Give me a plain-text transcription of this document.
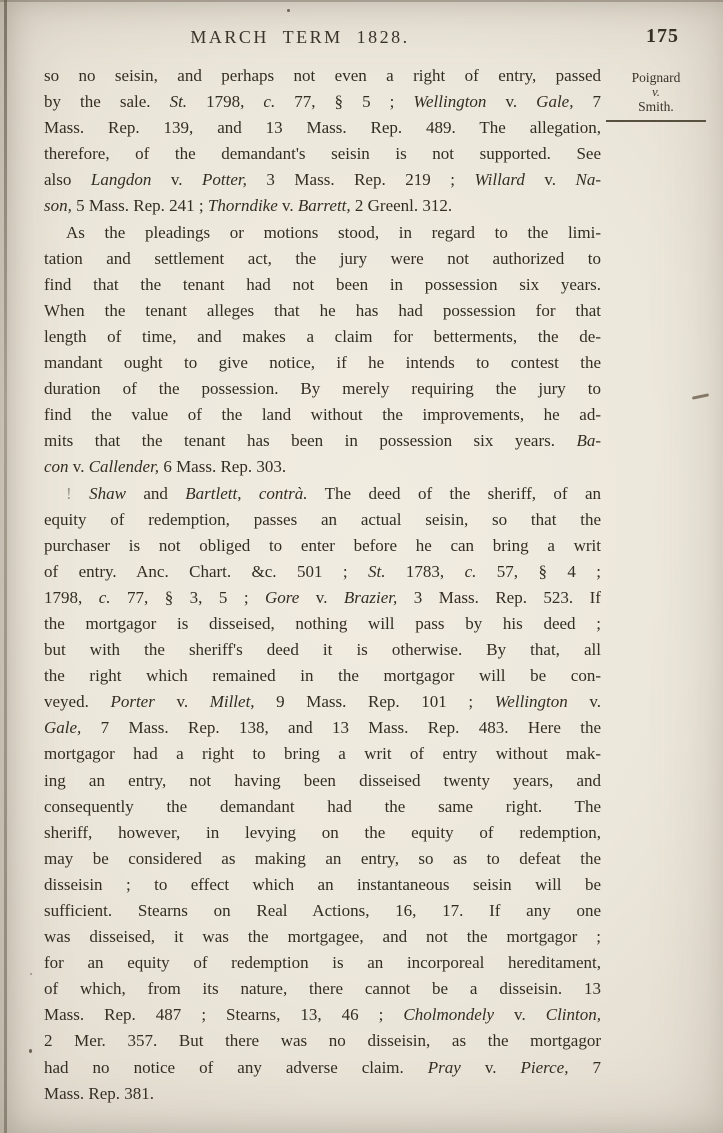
MARCH TERM 1828.	175
Poignard
v.
Smith.
so no seisin, and perhaps not even a right of entry, passed
by the sale. St. 1798, c. 77, § 5 ; Wellington v. Gale, 7
Mass. Rep. 139, and 13 Mass. Rep. 489. The allegation,
therefore, of the demandant's seisin is not supported. See
also Langdon v. Potter, 3 Mass. Rep. 219 ; Willard v. Na-
son, 5 Mass. Rep. 241 ; Thorndike v. Barrett, 2 Greenl. 312.
As the pleadings or motions stood, in regard to the limi-
tation and settlement act, the jury were not authorized to
find that the tenant had not been in possession six years.
When the tenant alleges that he has had possession for that
length of time, and makes a claim for betterments, the de-
mandant ought to give notice, if he intends to contest the
duration of the possession. By merely requiring the jury to
find the value of the land without the improvements, he ad-
mits that the tenant has been in possession six years. Ba-
con v. Callender, 6 Mass. Rep. 303.
! Shaw and Bartlett, contrà. The deed of the sheriff, of an
equity of redemption, passes an actual seisin, so that the
purchaser is not obliged to enter before he can bring a writ
of entry. Anc. Chart. &c. 501 ; St. 1783, c. 57, § 4 ;
1798, c. 77, § 3, 5 ; Gore v. Brazier, 3 Mass. Rep. 523. If
the mortgagor is disseised, nothing will pass by his deed ;
but with the sheriff's deed it is otherwise. By that, all
the right which remained in the mortgagor will be con-
veyed. Porter v. Millet, 9 Mass. Rep. 101 ; Wellington v.
Gale, 7 Mass. Rep. 138, and 13 Mass. Rep. 483. Here the
mortgagor had a right to bring a writ of entry without mak-
ing an entry, not having been disseised twenty years, and
consequently the demandant had the same right. The
sheriff, however, in levying on the equity of redemption,
may be considered as making an entry, so as to defeat the
disseisin ; to effect which an instantaneous seisin will be
sufficient. Stearns on Real Actions, 16, 17. If any one
was disseised, it was the mortgagee, and not the mortgagor ;
for an equity of redemption is an incorporeal hereditament,
of which, from its nature, there cannot be a disseisin. 13
Mass. Rep. 487 ; Stearns, 13, 46 ; Cholmondely v. Clinton,
2 Mer. 357. But there was no disseisin, as the mortgagor
had no notice of any adverse claim. Pray v. Pierce, 7
Mass. Rep. 381.
